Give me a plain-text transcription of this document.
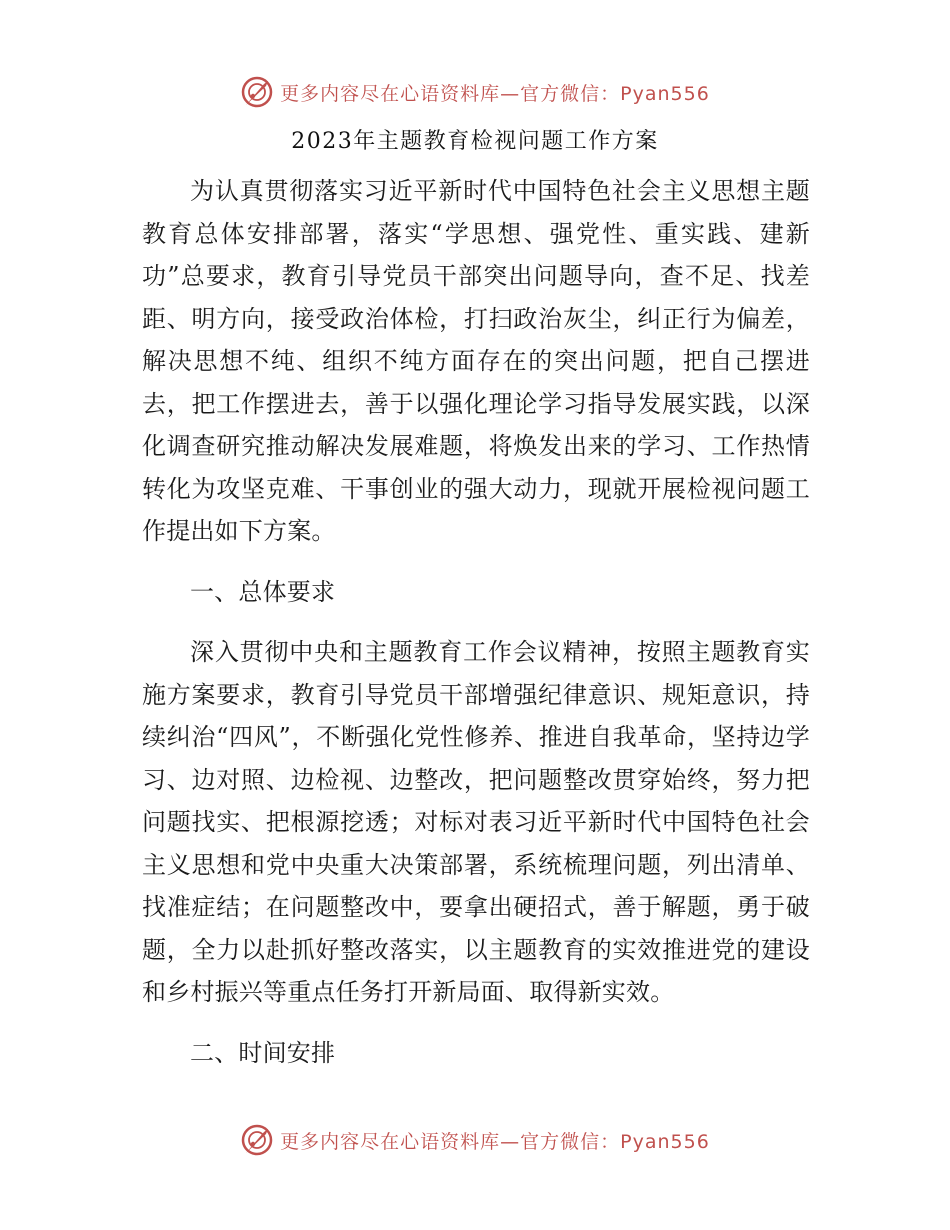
更多内容尽在心语资料库—官方微信：Pyan556
2023年主题教育检视问题工作方案

为认真贯彻落实习近平新时代中国特色社会主义思想主题教育总体安排部署，落实“学思想、强党性、重实践、建新功”总要求，教育引导党员干部突出问题导向，查不足、找差距、明方向，接受政治体检，打扫政治灰尘，纠正行为偏差，解决思想不纯、组织不纯方面存在的突出问题，把自己摆进去，把工作摆进去，善于以强化理论学习指导发展实践，以深化调查研究推动解决发展难题，将焕发出来的学习、工作热情转化为攻坚克难、干事创业的强大动力，现就开展检视问题工作提出如下方案。

一、总体要求

深入贯彻中央和主题教育工作会议精神，按照主题教育实施方案要求，教育引导党员干部增强纪律意识、规矩意识，持续纠治“四风”，不断强化党性修养、推进自我革命，坚持边学习、边对照、边检视、边整改，把问题整改贯穿始终，努力把问题找实、把根源挖透；对标对表习近平新时代中国特色社会主义思想和党中央重大决策部署，系统梳理问题，列出清单、找准症结；在问题整改中，要拿出硬招式，善于解题，勇于破题，全力以赴抓好整改落实，以主题教育的实效推进党的建设和乡村振兴等重点任务打开新局面、取得新实效。

二、时间安排

更多内容尽在心语资料库—官方微信：Pyan556
